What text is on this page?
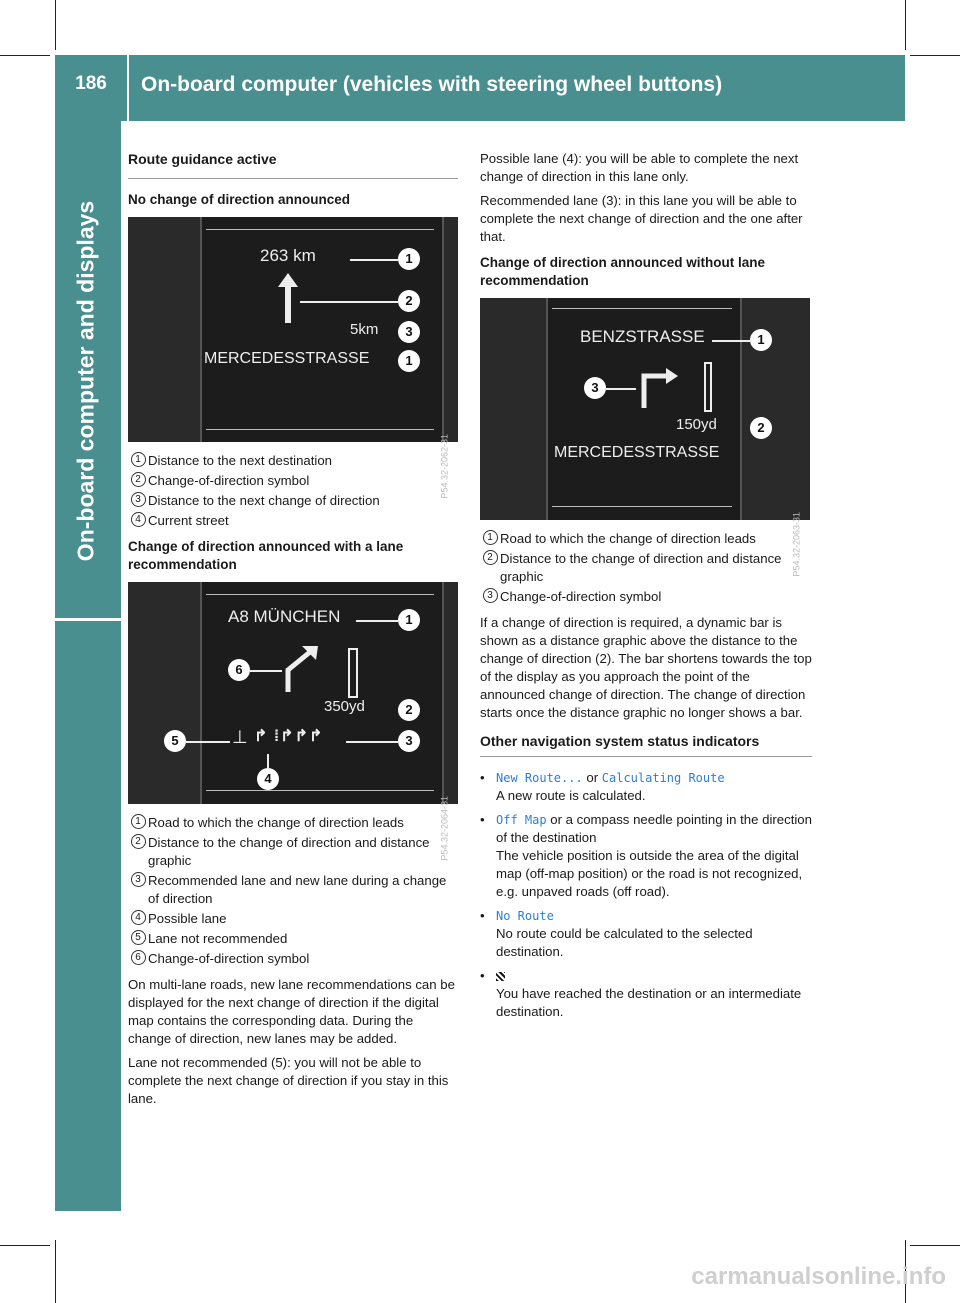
186	On-board computer (vehicles with steering wheel buttons)
On-board computer and displays
Route guidance active
No change of direction announced
263 km	1
2
5km	3
MERCEDESSTRASSE	1
P54.32-2062-31
1 Distance to the next destination
2 Change-of-direction symbol
3 Distance to the next change of direction
4 Current street
Change of direction announced with a lane recommendation
A8 MÜNCHEN	1
6
350yd	2
5	⊥ ↱ ⁞↱↱↱	3
4
P54.32-2064-31
1 Road to which the change of direction leads
2 Distance to the change of direction and distance graphic
3 Recommended lane and new lane during a change of direction
4 Possible lane
5 Lane not recommended
6 Change-of-direction symbol

On multi-lane roads, new lane recommendations can be displayed for the next change of direction if the digital map contains the corresponding data. During the change of direction, new lanes may be added.

Lane not recommended (5): you will not be able to complete the next change of direction if you stay in this lane.

Possible lane (4): you will be able to complete the next change of direction in this lane only.

Recommended lane (3): in this lane you will be able to complete the next change of direction and the one after that.

Change of direction announced without lane recommendation
BENZSTRASSE	1
3
150yd	2
MERCEDESSTRASSE
P54.32-2063-31
1 Road to which the change of direction leads
2 Distance to the change of direction and distance graphic
3 Change-of-direction symbol

If a change of direction is required, a dynamic bar is shown as a distance graphic above the distance to the change of direction (2). The bar shortens towards the top of the display as you approach the point of the announced change of direction. The change of direction starts once the distance graphic no longer shows a bar.

Other navigation system status indicators
• New Route... or Calculating Route
A new route is calculated.
• Off Map or a compass needle pointing in the direction of the destination
The vehicle position is outside the area of the digital map (off-map position) or the road is not recognized, e.g. unpaved roads (off road).
• No Route
No route could be calculated to the selected destination.
•
You have reached the destination or an intermediate destination.
carmanualsonline.info
